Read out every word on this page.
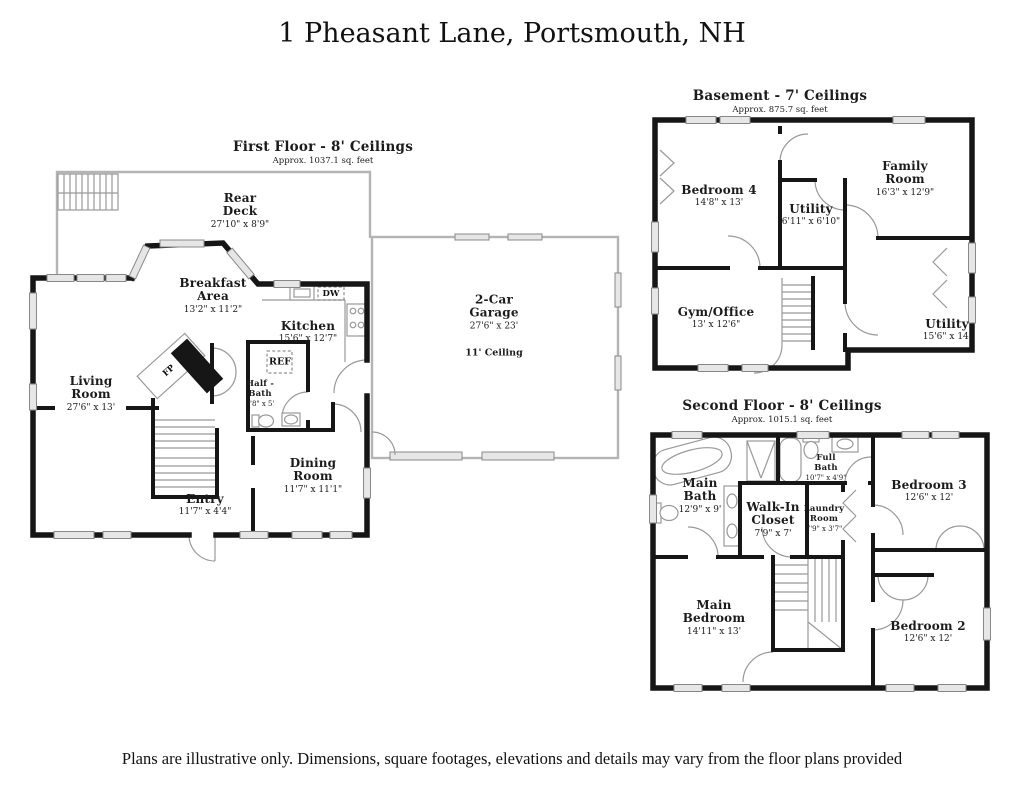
1 Pheasant Lane, Portsmouth, NH
First Floor - 8' Ceilings
Approx. 1037.1 sq. feet
Basement - 7' Ceilings
Approx. 875.7 sq. feet
Second Floor - 8' Ceilings
Approx. 1015.1 sq. feet
Rear Deck
27'10" x 8'9"
Breakfast Area
13'2" x 11'2"
Kitchen
15'6" x 12'7"
Living Room
27'6" x 13'
Half - Bath
5'8" x 5'
Dining Room
11'7" x 11'1"
Entry
11'7" x 4'4"
2-Car Garage
27'6" x 23'
11' Ceiling
FP
REF
DW
Bedroom 4
14'8" x 13'	Utility
6'11" x 6'10"
Family Room
16'3" x 12'9"
Gym/Office
13' x 12'6"	Utility
15'6" x 14'
Main Bath
12'9" x 9'
Full Bath
10'7" x 4'9"
Walk-In Closet
7'9" x 7'
Laundry Room
7'9" x 3'7"
Bedroom 3
12'6" x 12'
Main Bedroom
14'11" x 13'	Bedroom 2
12'6" x 12'
Plans are illustrative only. Dimensions, square footages, elevations and details may vary from the floor plans provided
